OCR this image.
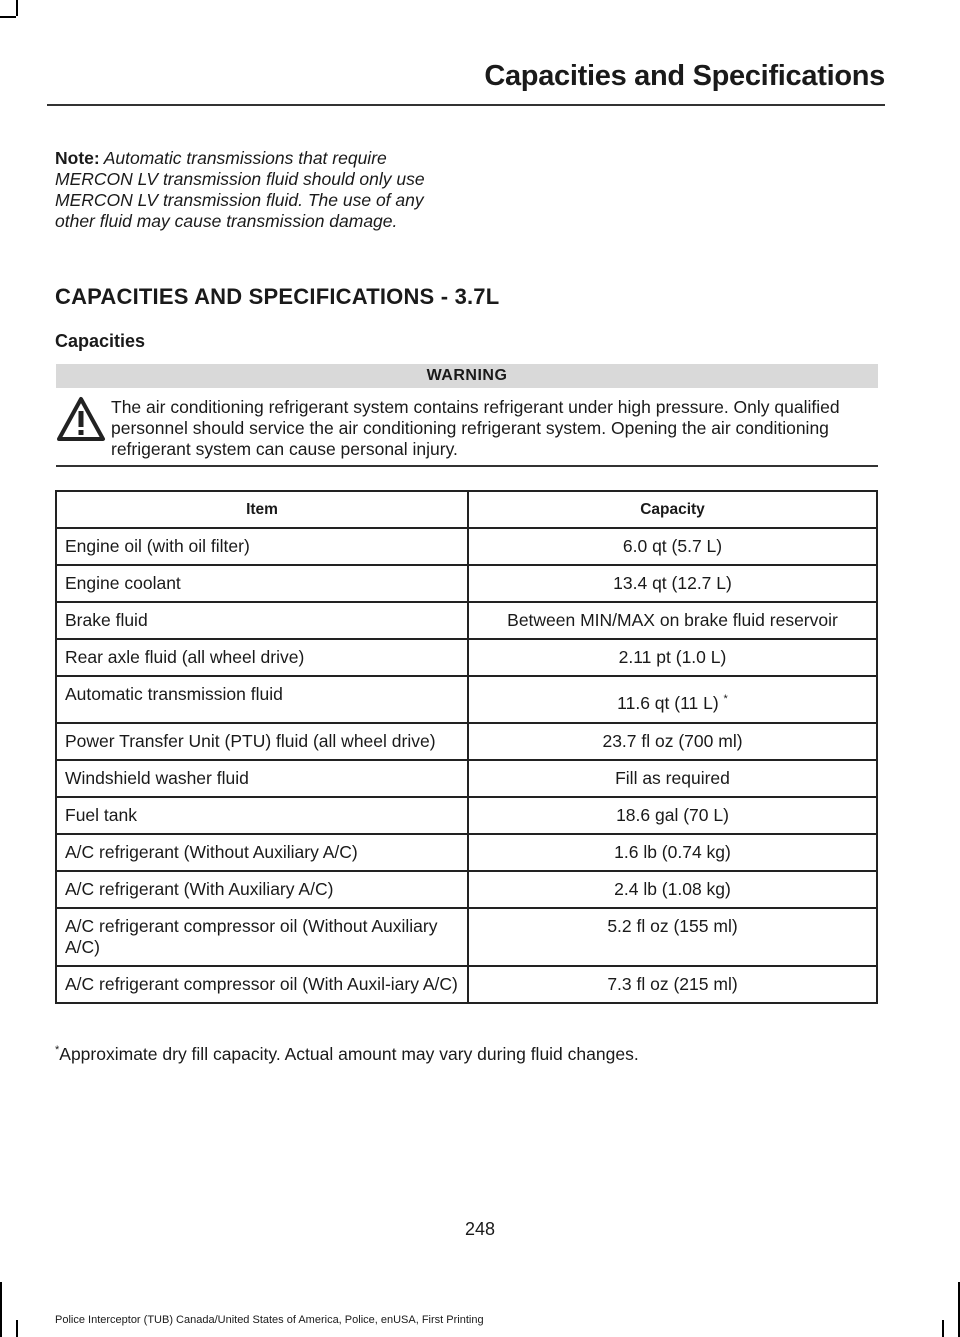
Capacities and Specifications
Note: Automatic transmissions that require MERCON LV transmission fluid should only use MERCON LV transmission fluid. The use of any other fluid may cause transmission damage.
CAPACITIES AND SPECIFICATIONS - 3.7L
Capacities
WARNING
The air conditioning refrigerant system contains refrigerant under high pressure. Only qualified personnel should service the air conditioning refrigerant system. Opening the air conditioning refrigerant system can cause personal injury.
Item	Capacity
Engine oil (with oil filter)	6.0 qt (5.7 L)
Engine coolant	13.4 qt (12.7 L)
Brake fluid	Between MIN/MAX on brake fluid reservoir
Rear axle fluid (all wheel drive)	2.11 pt (1.0 L)
Automatic transmission fluid	11.6 qt (11 L) *
Power Transfer Unit (PTU) fluid (all wheel drive)	23.7 fl oz (700 ml)
Windshield washer fluid	Fill as required
Fuel tank	18.6 gal (70 L)
A/C refrigerant (Without Auxiliary A/C)	1.6 lb (0.74 kg)
A/C refrigerant (With Auxiliary A/C)	2.4 lb (1.08 kg)
A/C refrigerant compressor oil (Without Auxiliary A/C)	5.2 fl oz (155 ml)
A/C refrigerant compressor oil (With Auxil-iary A/C)	7.3 fl oz (215 ml)
*Approximate dry fill capacity. Actual amount may vary during fluid changes.
248
Police Interceptor (TUB) Canada/United States of America, Police, enUSA, First Printing
